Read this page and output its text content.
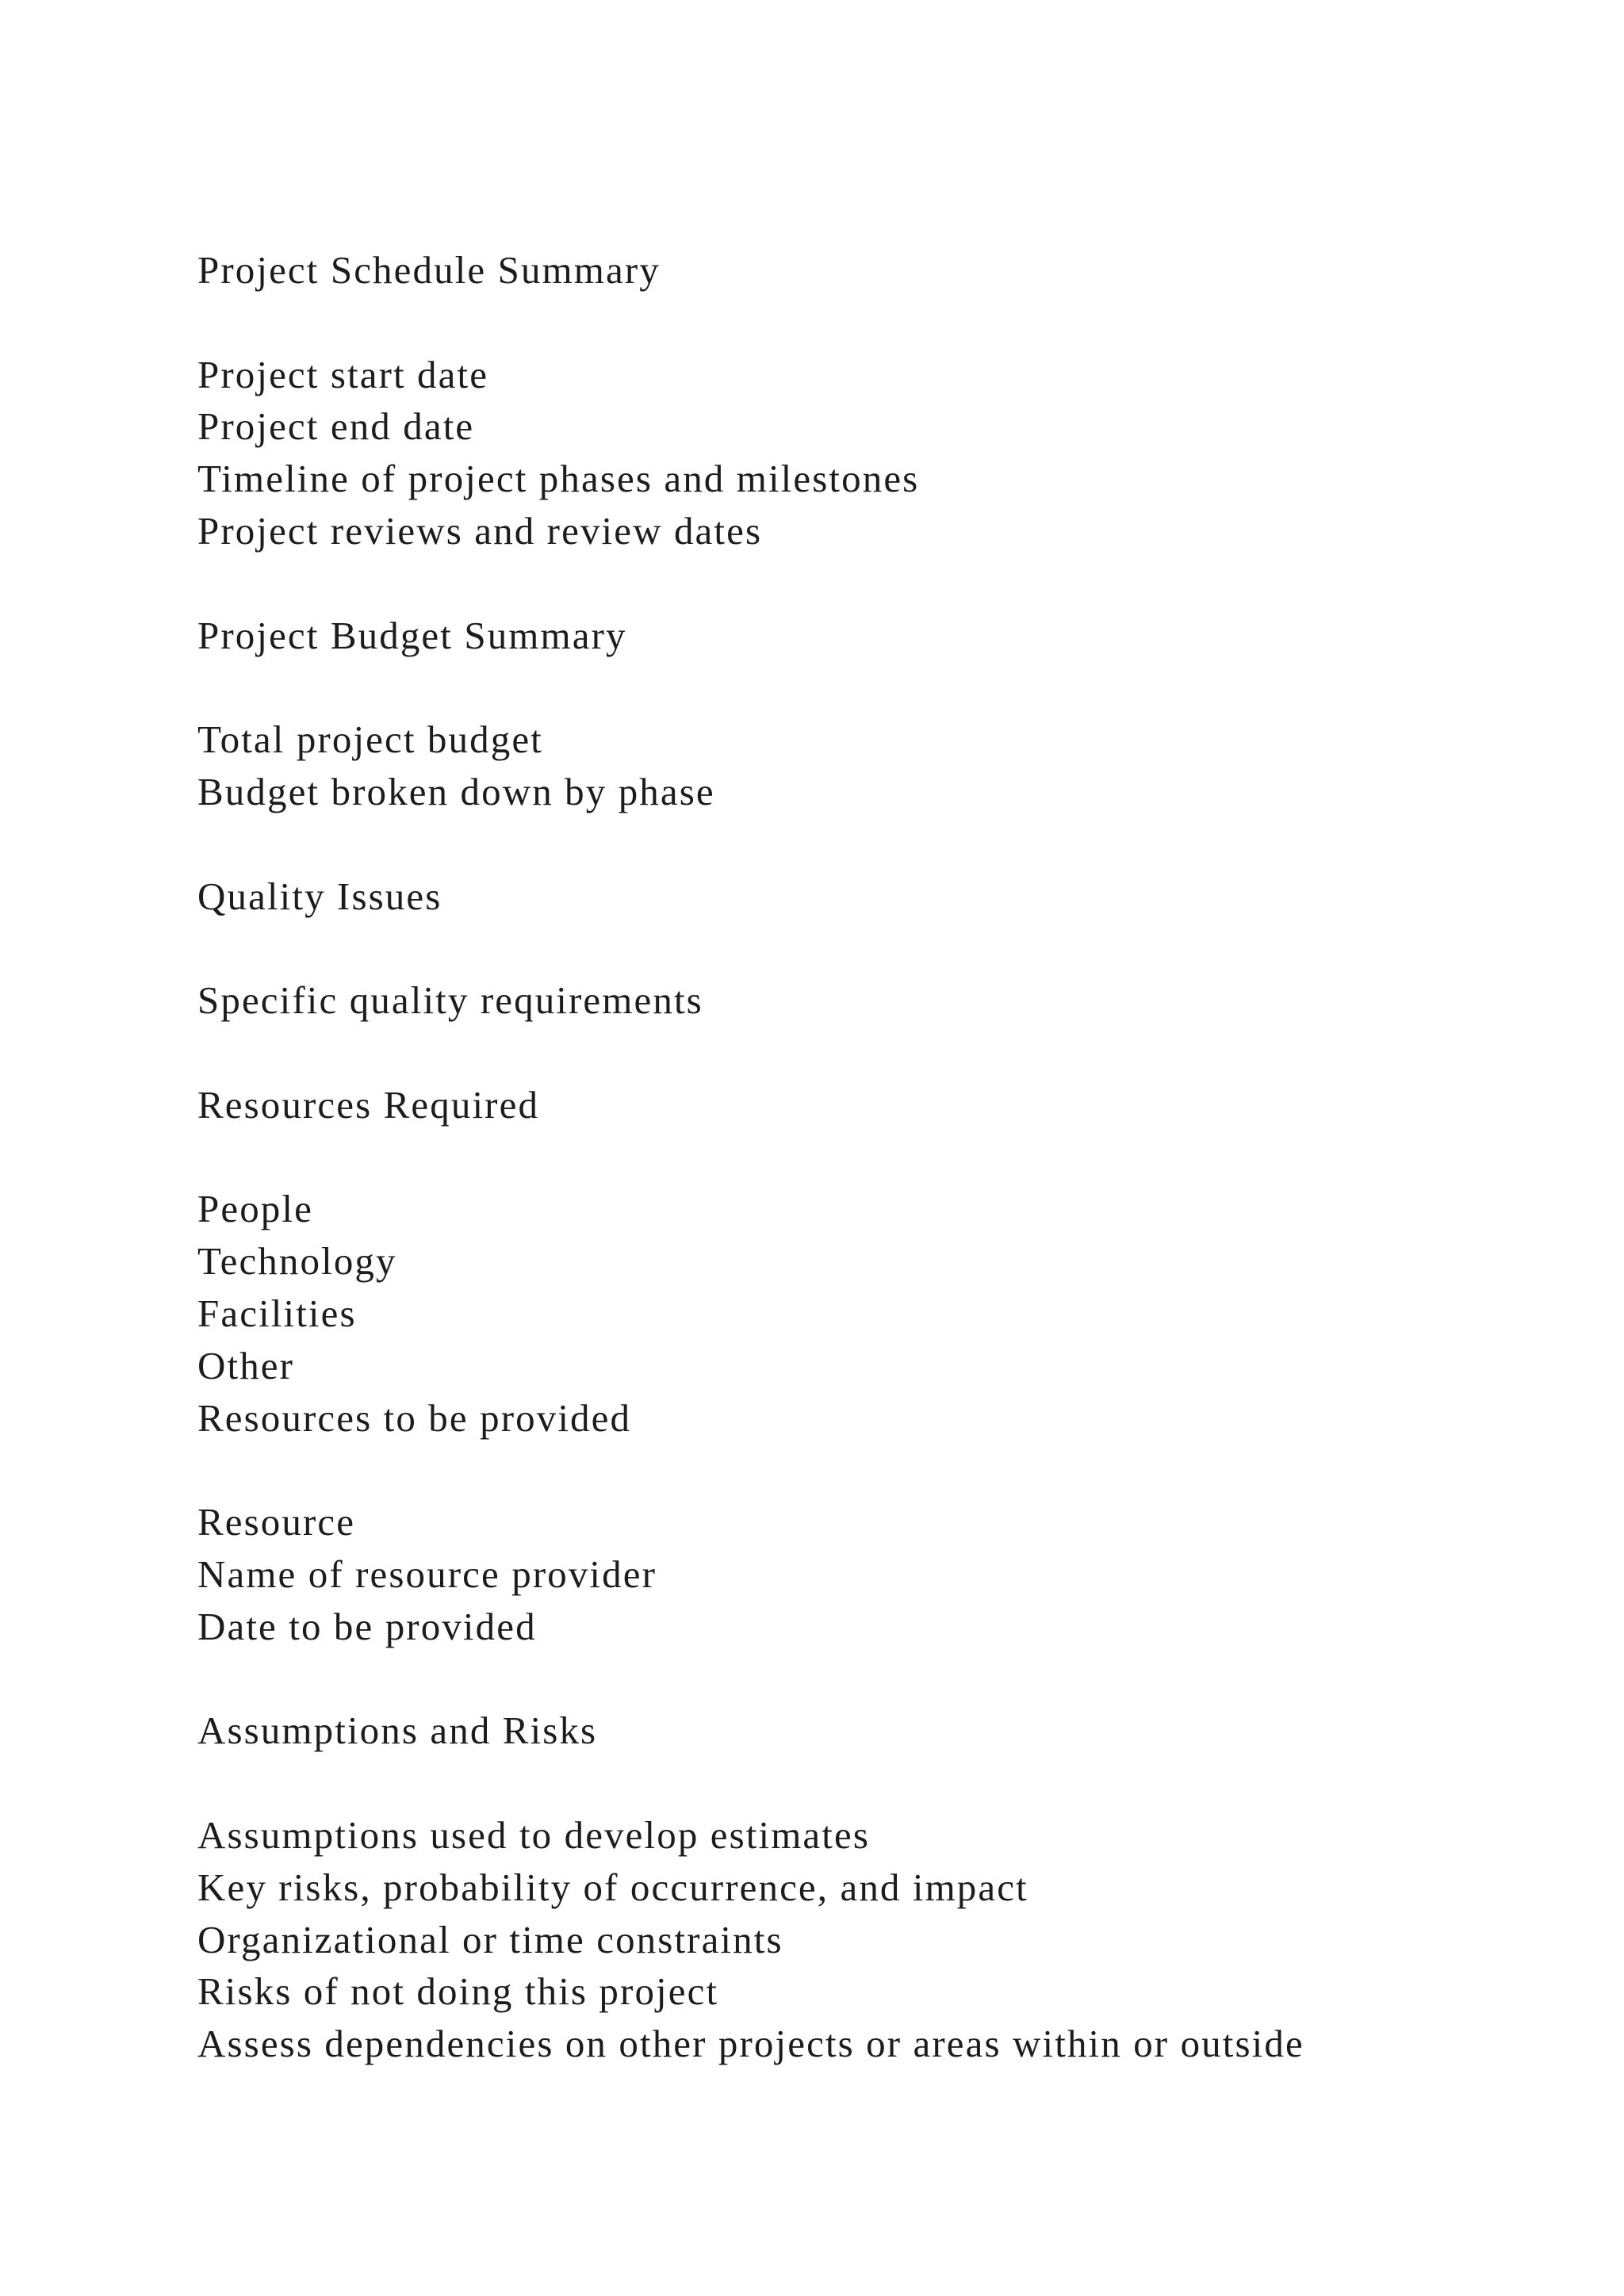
Project Schedule Summary
Project start date
Project end date
Timeline of project phases and milestones
Project reviews and review dates
Project Budget Summary
Total project budget
Budget broken down by phase
Quality Issues
Specific quality requirements
Resources Required
People
Technology
Facilities
Other
Resources to be provided
Resource
Name of resource provider
Date to be provided
Assumptions and Risks
Assumptions used to develop estimates
Key risks, probability of occurrence, and impact
Organizational or time constraints
Risks of not doing this project
Assess dependencies on other projects or areas within or outside
